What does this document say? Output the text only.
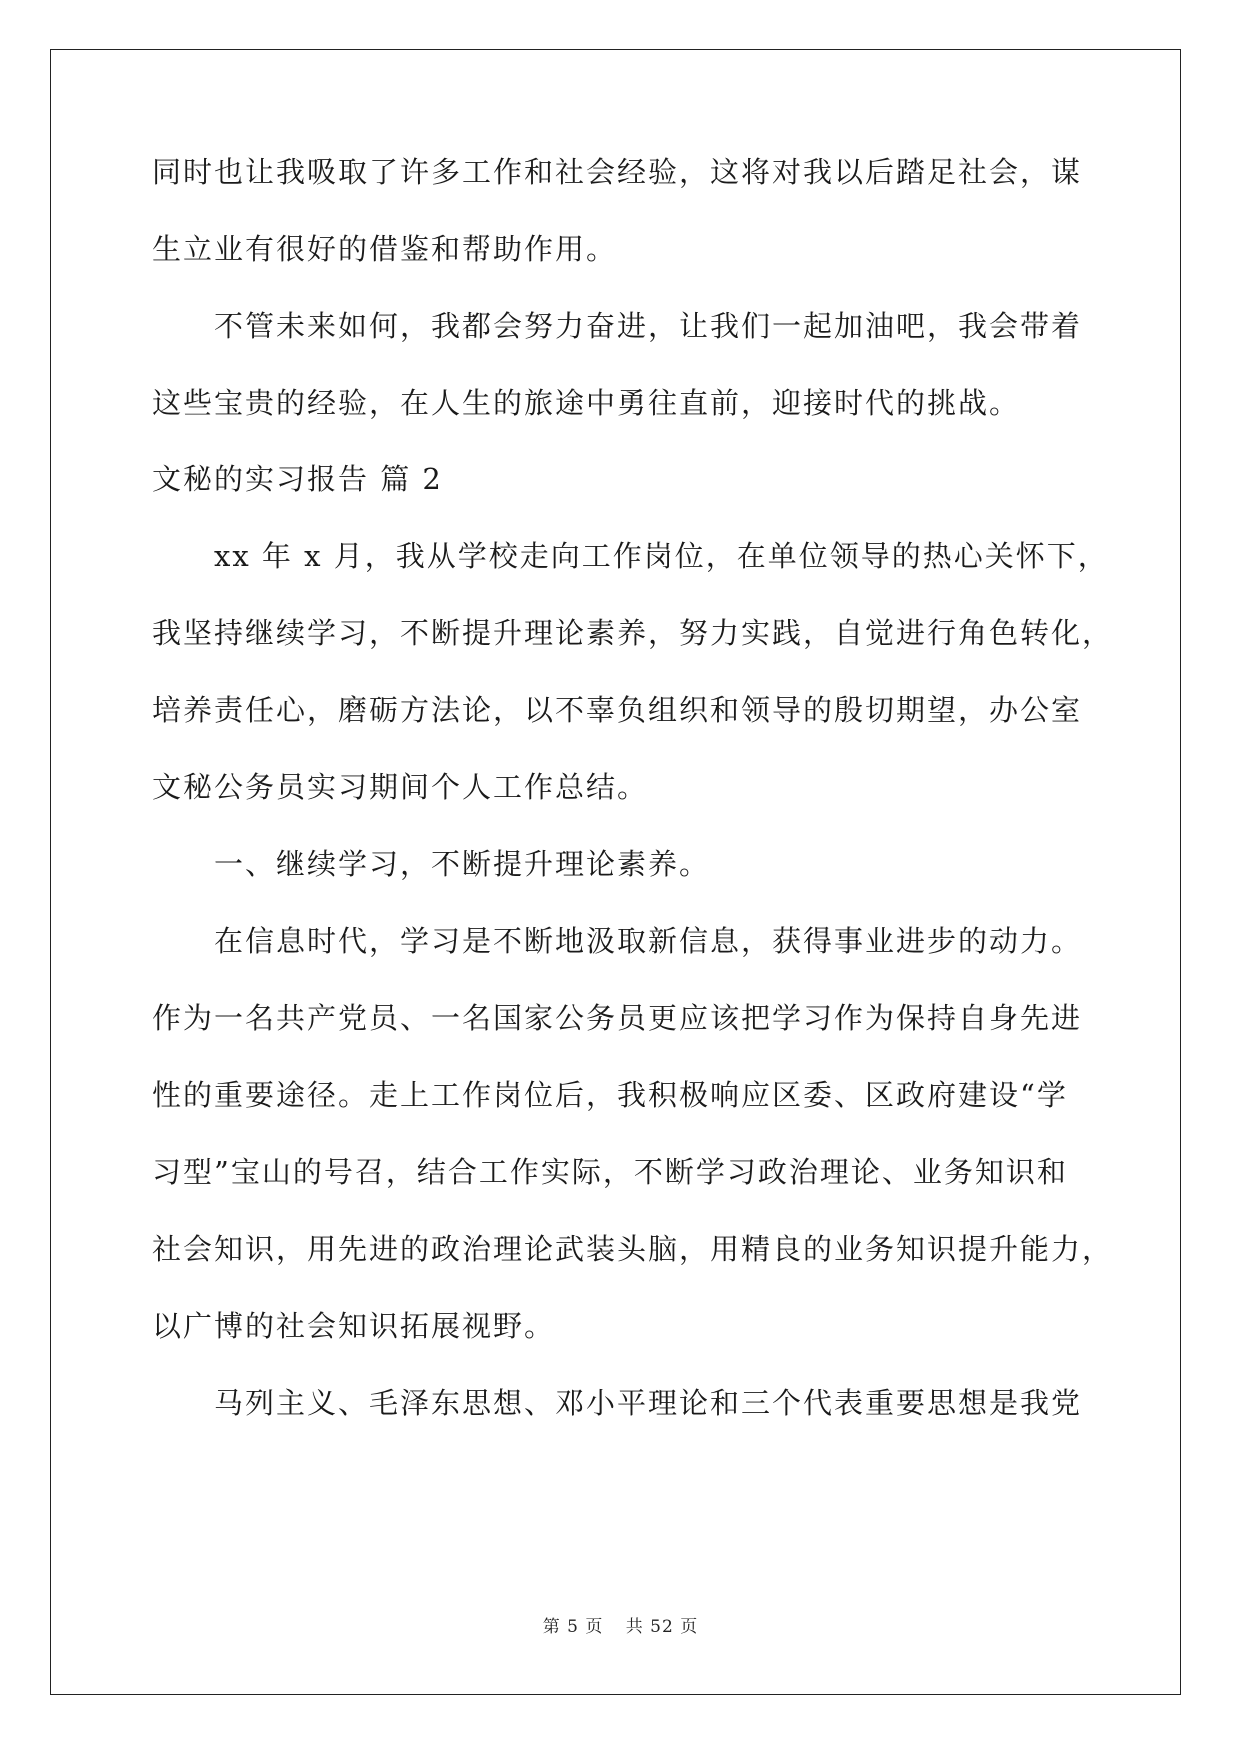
同时也让我吸取了许多工作和社会经验，这将对我以后踏足社会，谋
生立业有很好的借鉴和帮助作用。
不管未来如何，我都会努力奋进，让我们一起加油吧，我会带着
这些宝贵的经验，在人生的旅途中勇往直前，迎接时代的挑战。
文秘的实习报告 篇 2
xx 年 x 月，我从学校走向工作岗位，在单位领导的热心关怀下，
我坚持继续学习，不断提升理论素养，努力实践，自觉进行角色转化，
培养责任心，磨砺方法论，以不辜负组织和领导的殷切期望，办公室
文秘公务员实习期间个人工作总结。
一、继续学习，不断提升理论素养。
在信息时代，学习是不断地汲取新信息，获得事业进步的动力。
作为一名共产党员、一名国家公务员更应该把学习作为保持自身先进
性的重要途径。走上工作岗位后，我积极响应区委、区政府建设“学
习型”宝山的号召，结合工作实际，不断学习政治理论、业务知识和
社会知识，用先进的政治理论武装头脑，用精良的业务知识提升能力，
以广博的社会知识拓展视野。
马列主义、毛泽东思想、邓小平理论和三个代表重要思想是我党
第 5 页 共 52 页
